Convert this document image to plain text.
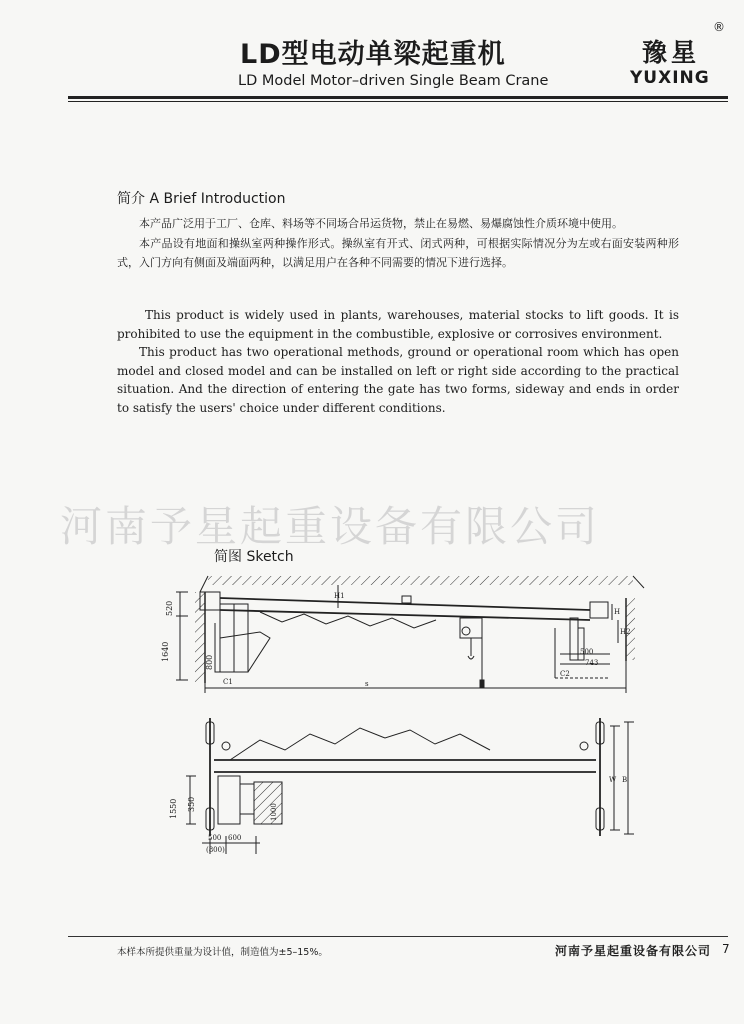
LD型电动单梁起重机
LD Model Motor–driven Single Beam Crane
豫星
®
YUXING
简介 A Brief Introduction
本产品广泛用于工厂、仓库、料场等不同场合吊运货物，禁止在易燃、易爆腐蚀性介质环境中使用。
本产品设有地面和操纵室两种操作形式。操纵室有开式、闭式两种，可根据实际情况分为左或右面安装两种形式，入门方向有侧面及端面两种，以满足用户在各种不同需要的情况下进行选择。
This product is widely used in plants, warehouses, material stocks to lift goods. It is prohibited to use the equipment in the combustible, explosive or corrosives environment.
This product has two operational methods, ground or operational room which has open model and closed model and can be installed on left or right side according to the practical situation. And the direction of entering the gate has two forms, sideway and ends in order to satisfy the users' choice under different conditions.
河南予星起重设备有限公司
简图 Sketch
520
1640
800
H1
H
H2
C1
C2
s
500
743
1550 350	1000
500 600
(800)
W B
本样本所提供重量为设计值，制造值为±5–15%。	河南予星起重设备有限公司 7
